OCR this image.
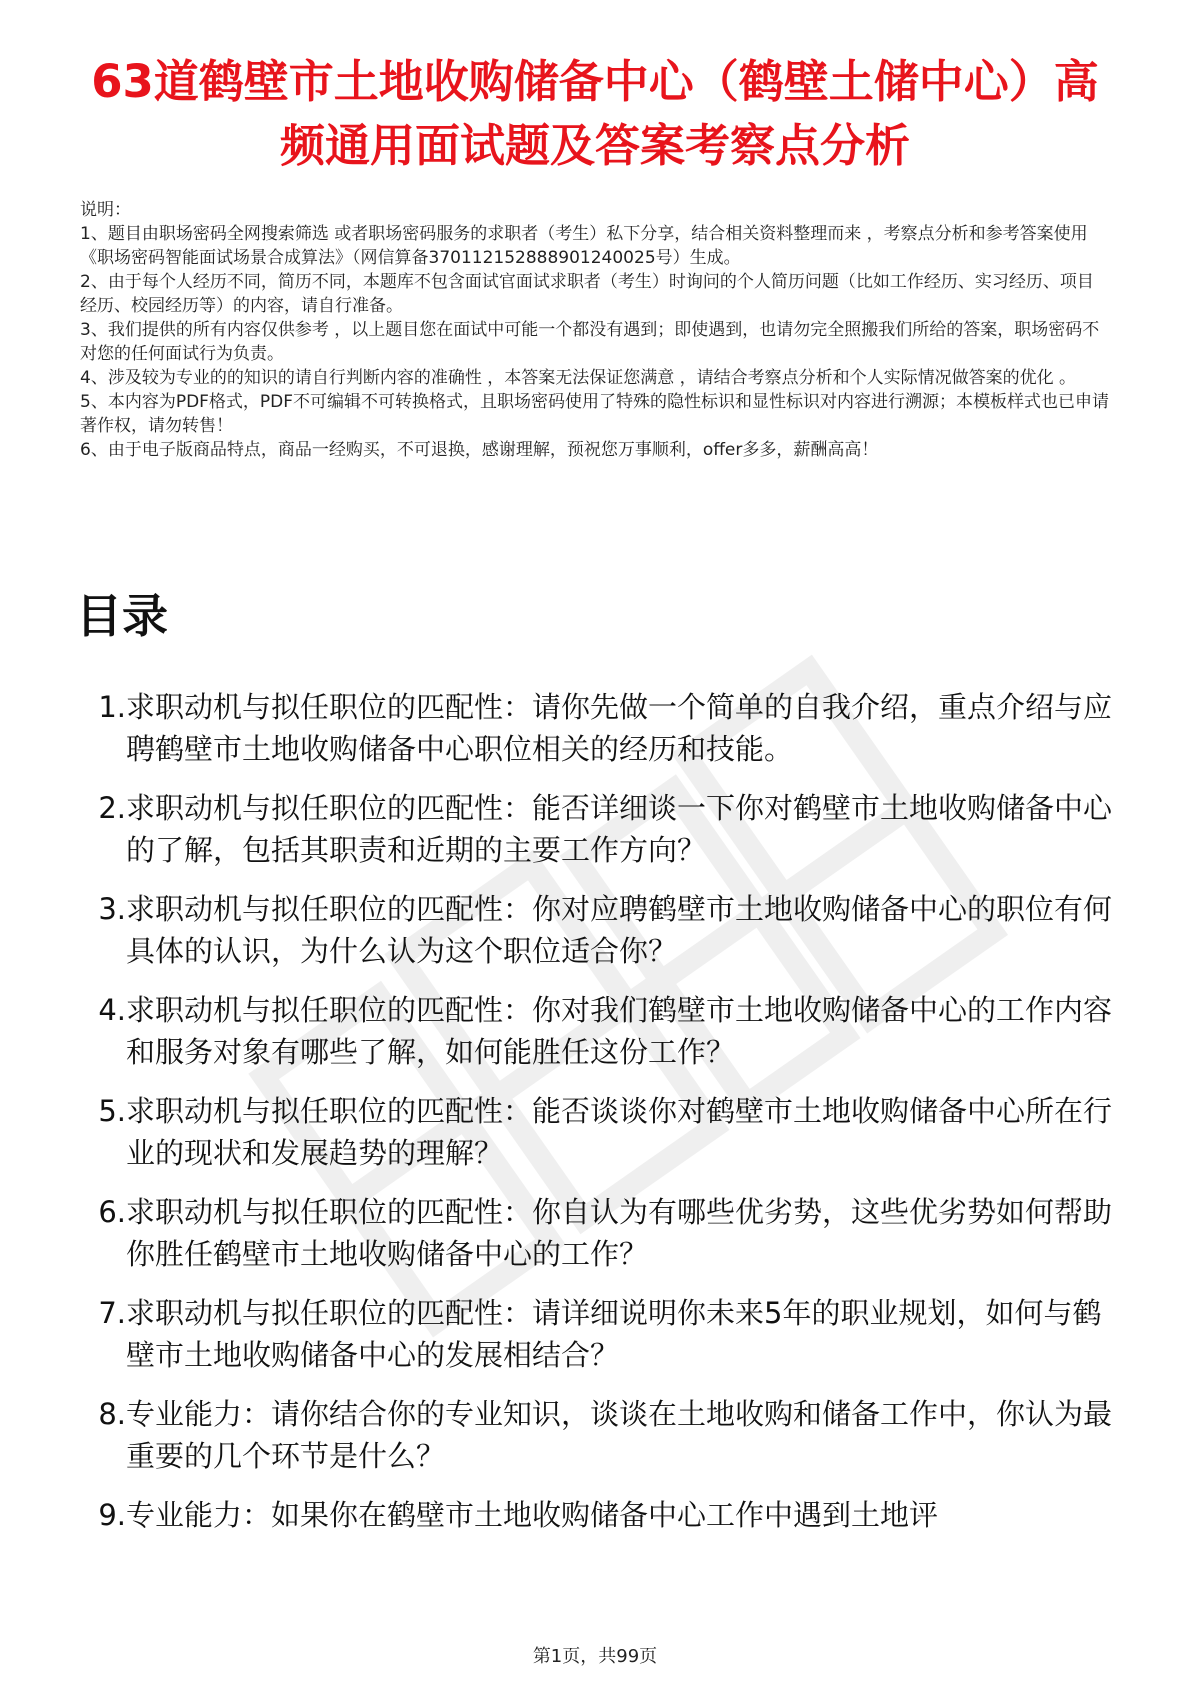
63道鹤壁市土地收购储备中心（鹤壁土储中心）高频通用面试题及答案考察点分析

说明：

1、题目由职场密码全网搜索筛选 或者职场密码服务的求职者（考生）私下分享，结合相关资料整理而来 ，考察点分析和参考答案使用《职场密码智能面试场景合成算法》（网信算备370112152888901240025号）生成。

2、由于每个人经历不同，简历不同，本题库不包含面试官面试求职者（考生）时询问的个人简历问题（比如工作经历、实习经历、项目经历、校园经历等）的内容，请自行准备。

3、我们提供的所有内容仅供参考 ，以上题目您在面试中可能一个都没有遇到；即使遇到，也请勿完全照搬我们所给的答案，职场密码不对您的任何面试行为负责。

4、涉及较为专业的的知识的请自行判断内容的准确性 ，本答案无法保证您满意 ，请结合考察点分析和个人实际情况做答案的优化 。

5、本内容为PDF格式，PDF不可编辑不可转换格式，且职场密码使用了特殊的隐性标识和显性标识对内容进行溯源；本模板样式也已申请著作权，请勿转售！

6、由于电子版商品特点，商品一经购买，不可退换，感谢理解，预祝您万事顺利，offer多多，薪酬高高！

目录
1. 求职动机与拟任职位的匹配性：请你先做一个简单的自我介绍，重点介绍与应聘鹤壁市土地收购储备中心职位相关的经历和技能。
2. 求职动机与拟任职位的匹配性：能否详细谈一下你对鹤壁市土地收购储备中心的了解，包括其职责和近期的主要工作方向？
3. 求职动机与拟任职位的匹配性：你对应聘鹤壁市土地收购储备中心的职位有何具体的认识，为什么认为这个职位适合你？
4. 求职动机与拟任职位的匹配性：你对我们鹤壁市土地收购储备中心的工作内容和服务对象有哪些了解，如何能胜任这份工作？
5. 求职动机与拟任职位的匹配性：能否谈谈你对鹤壁市土地收购储备中心所在行业的现状和发展趋势的理解？
6. 求职动机与拟任职位的匹配性：你自认为有哪些优劣势，这些优劣势如何帮助你胜任鹤壁市土地收购储备中心的工作？
7. 求职动机与拟任职位的匹配性：请详细说明你未来5年的职业规划，如何与鹤壁市土地收购储备中心的发展相结合？
8. 专业能力：请你结合你的专业知识，谈谈在土地收购和储备工作中，你认为最重要的几个环节是什么？
9. 专业能力：如果你在鹤壁市土地收购储备中心工作中遇到土地评
第1页，共99页
